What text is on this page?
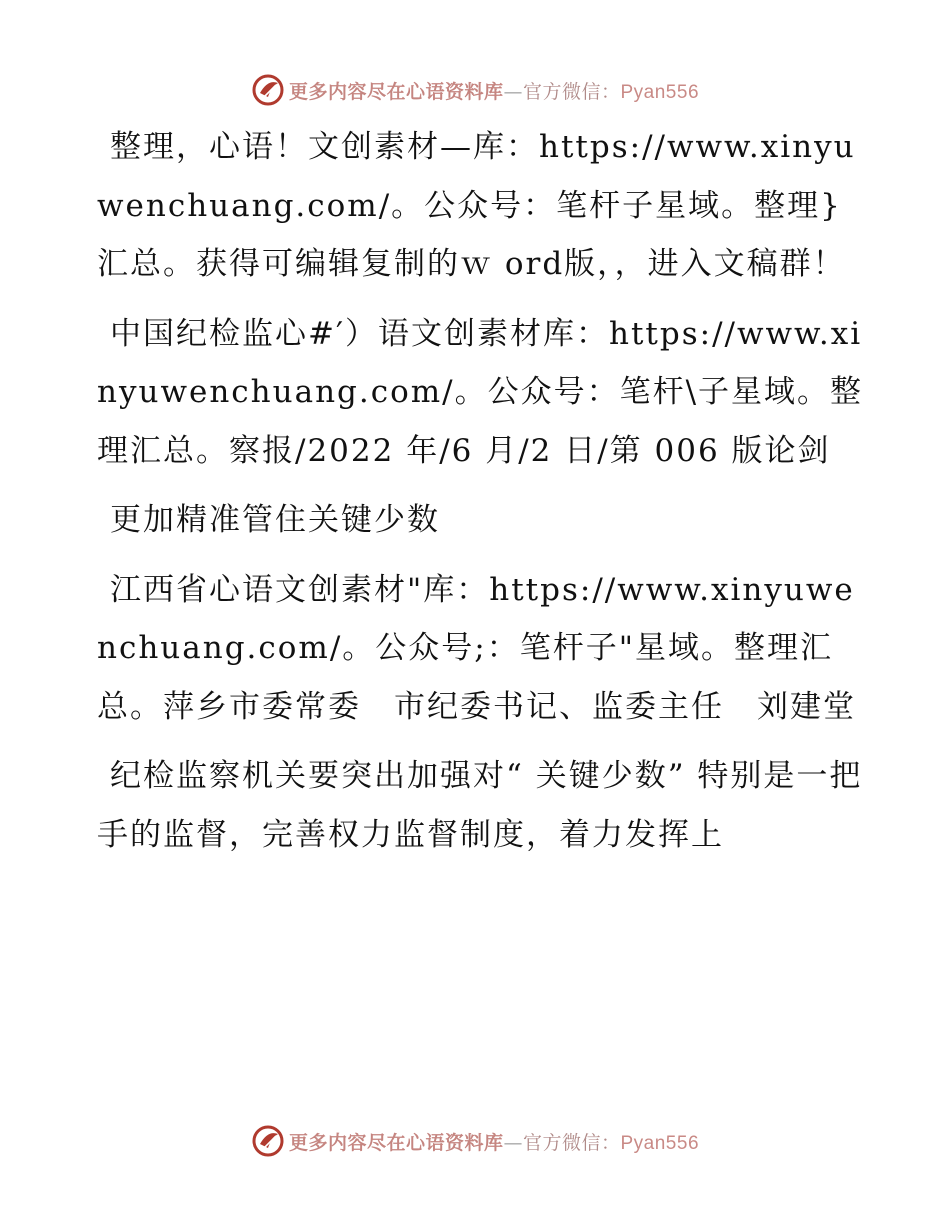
更多内容尽在心语资料库—官方微信：Pyan556

整理，心语！文创素材—库：https://www.xinyuwenchuang.com/。公众号：笔杆子星域。整理}汇总。获得可编辑复制的ｗ ord版，，进入文稿群！

中国纪检监心#′）语文创素材库：https://www.xinyuwenchuang.com/。公众号：笔杆\子星域。整理汇总。察报/2022 年/6 月/2 日/第 006 版论剑

更加精准管住关键少数

江西省心语文创素材"库：https://www.xinyuwenchuang.com/。公众号;：笔杆子"星域。整理汇总。萍乡市委常委　市纪委书记、监委主任　刘建堂

纪检监察机关要突出加强对“ 关键少数” 特别是一把手的监督，完善权力监督制度，着力发挥上

更多内容尽在心语资料库—官方微信：Pyan556
